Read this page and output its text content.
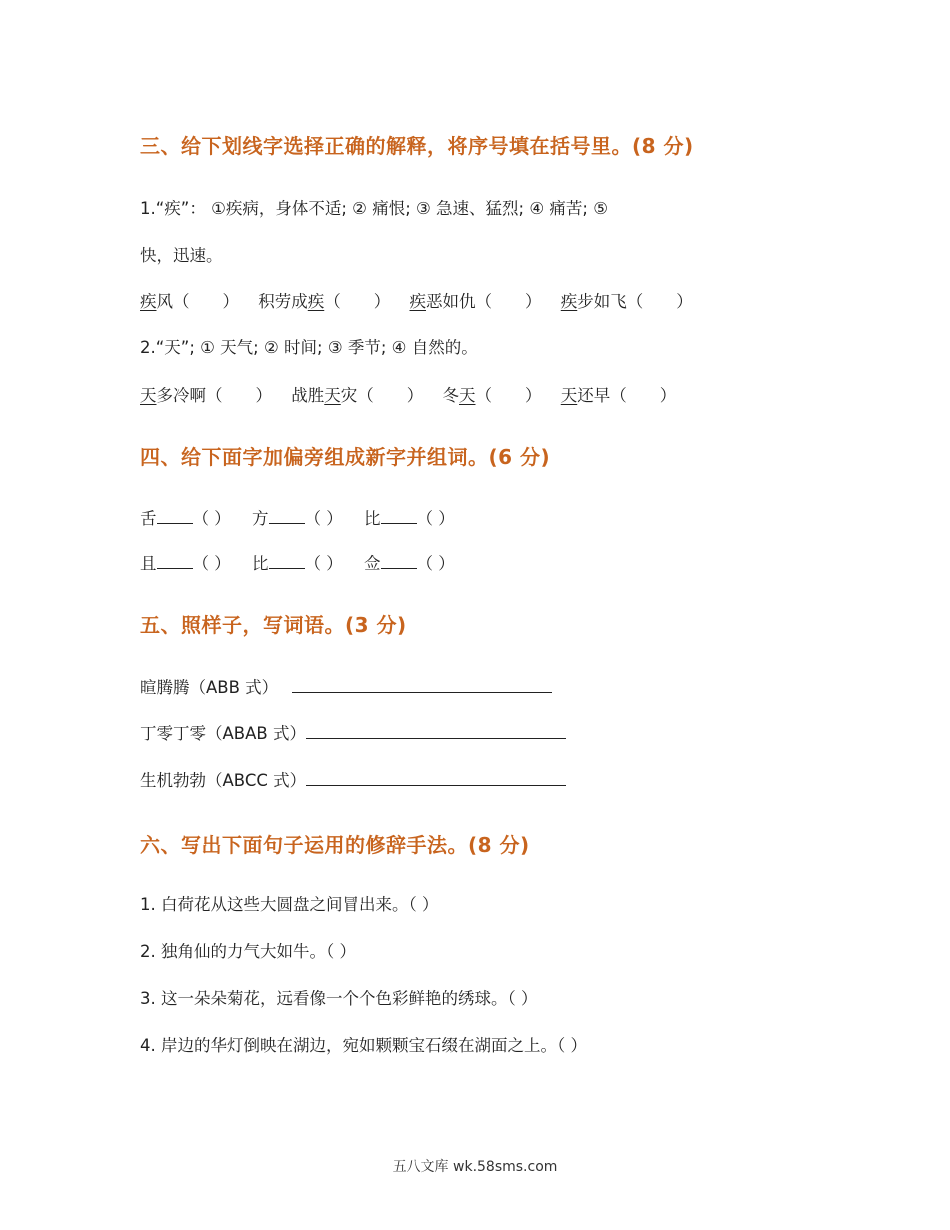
三、给下划线字选择正确的解释，将序号填在括号里。(8 分)
1.“疾”： ①疾病，身体不适; ② 痛恨; ③ 急速、猛烈; ④ 痛苦; ⑤
快，迅速。
疾风（　　） 积劳成疾（　　） 疾恶如仇（　　） 疾步如飞（　　）
2.“天”; ① 天气; ② 时间; ③ 季节; ④ 自然的。
天多冷啊（　　） 战胜天灾（　　） 冬天（　　） 天还早（　　）
四、给下面字加偏旁组成新字并组词。(6 分)
舌 （ ） 方 （ ） 比 （ ）
且 （ ） 比 （ ） 佥 （ ）
五、照样子，写词语。(3 分)
暄腾腾（ABB 式）
丁零丁零（ABAB 式）
生机勃勃（ABCC 式）
六、写出下面句子运用的修辞手法。(8 分)
1. 白荷花从这些大圆盘之间冒出来。（ ）
2. 独角仙的力气大如牛。（ ）
3. 这一朵朵菊花，远看像一个个色彩鲜艳的绣球。（ ）
4. 岸边的华灯倒映在湖边，宛如颗颗宝石缀在湖面之上。（ ）
五八文库 wk.58sms.com
